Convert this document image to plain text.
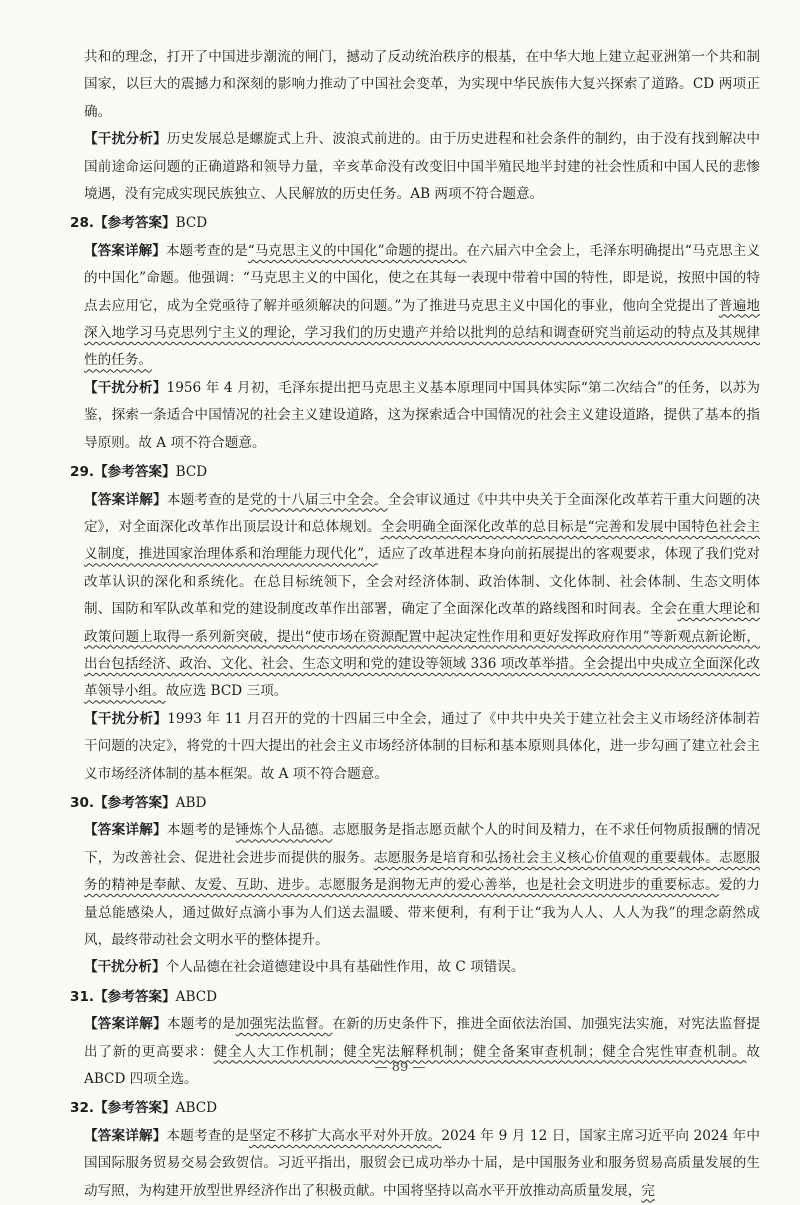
共和的理念，打开了中国进步潮流的闸门，撼动了反动统治秩序的根基，在中华大地上建立起亚洲第一个共和制国家，以巨大的震撼力和深刻的影响力推动了中国社会变革，为实现中华民族伟大复兴探索了道路。CD 两项正确。

【干扰分析】历史发展总是螺旋式上升、波浪式前进的。由于历史进程和社会条件的制约，由于没有找到解决中国前途命运问题的正确道路和领导力量，辛亥革命没有改变旧中国半殖民地半封建的社会性质和中国人民的悲惨境遇，没有完成实现民族独立、人民解放的历史任务。AB 两项不符合题意。

28.【参考答案】BCD

【答案详解】本题考查的是“马克思主义的中国化”命题的提出。在六届六中全会上，毛泽东明确提出“马克思主义的中国化”命题。他强调：“马克思主义的中国化，使之在其每一表现中带着中国的特性，即是说，按照中国的特点去应用它，成为全党亟待了解并亟须解决的问题。”为了推进马克思主义中国化的事业，他向全党提出了普遍地深入地学习马克思列宁主义的理论，学习我们的历史遗产并给以批判的总结和调查研究当前运动的特点及其规律性的任务。

【干扰分析】1956 年 4 月初，毛泽东提出把马克思主义基本原理同中国具体实际“第二次结合”的任务，以苏为鉴，探索一条适合中国情况的社会主义建设道路，这为探索适合中国情况的社会主义建设道路，提供了基本的指导原则。故 A 项不符合题意。

29.【参考答案】BCD

【答案详解】本题考查的是党的十八届三中全会。全会审议通过《中共中央关于全面深化改革若干重大问题的决定》，对全面深化改革作出顶层设计和总体规划。全会明确全面深化改革的总目标是“完善和发展中国特色社会主义制度，推进国家治理体系和治理能力现代化”，适应了改革进程本身向前拓展提出的客观要求，体现了我们党对改革认识的深化和系统化。在总目标统领下，全会对经济体制、政治体制、文化体制、社会体制、生态文明体制、国防和军队改革和党的建设制度改革作出部署，确定了全面深化改革的路线图和时间表。全会在重大理论和政策问题上取得一系列新突破，提出“使市场在资源配置中起决定性作用和更好发挥政府作用”等新观点新论断，出台包括经济、政治、文化、社会、生态文明和党的建设等领域 336 项改革举措。全会提出中央成立全面深化改革领导小组。故应选 BCD 三项。

【干扰分析】1993 年 11 月召开的党的十四届三中全会，通过了《中共中央关于建立社会主义市场经济体制若干问题的决定》，将党的十四大提出的社会主义市场经济体制的目标和基本原则具体化，进一步勾画了建立社会主义市场经济体制的基本框架。故 A 项不符合题意。

30.【参考答案】ABD

【答案详解】本题考的是锤炼个人品德。志愿服务是指志愿贡献个人的时间及精力，在不求任何物质报酬的情况下，为改善社会、促进社会进步而提供的服务。志愿服务是培育和弘扬社会主义核心价值观的重要载体。志愿服务的精神是奉献、友爱、互助、进步。志愿服务是润物无声的爱心善举，也是社会文明进步的重要标志。爱的力量总能感染人，通过做好点滴小事为人们送去温暖、带来便利，有利于让“我为人人、人人为我”的理念蔚然成风，最终带动社会文明水平的整体提升。

【干扰分析】个人品德在社会道德建设中具有基础性作用，故 C 项错误。

31.【参考答案】ABCD

【答案详解】本题考的是加强宪法监督。在新的历史条件下，推进全面依法治国、加强宪法实施，对宪法监督提出了新的更高要求：健全人大工作机制；健全宪法解释机制；健全备案审查机制；健全合宪性审查机制。故 ABCD 四项全选。

32.【参考答案】ABCD

【答案详解】本题考查的是坚定不移扩大高水平对外开放。2024 年 9 月 12 日，国家主席习近平向 2024 年中国国际服务贸易交易会致贺信。习近平指出，服贸会已成功举办十届，是中国服务业和服务贸易高质量发展的生动写照，为构建开放型世界经济作出了积极贡献。中国将坚持以高水平开放推动高质量发展，完

— 89 —
